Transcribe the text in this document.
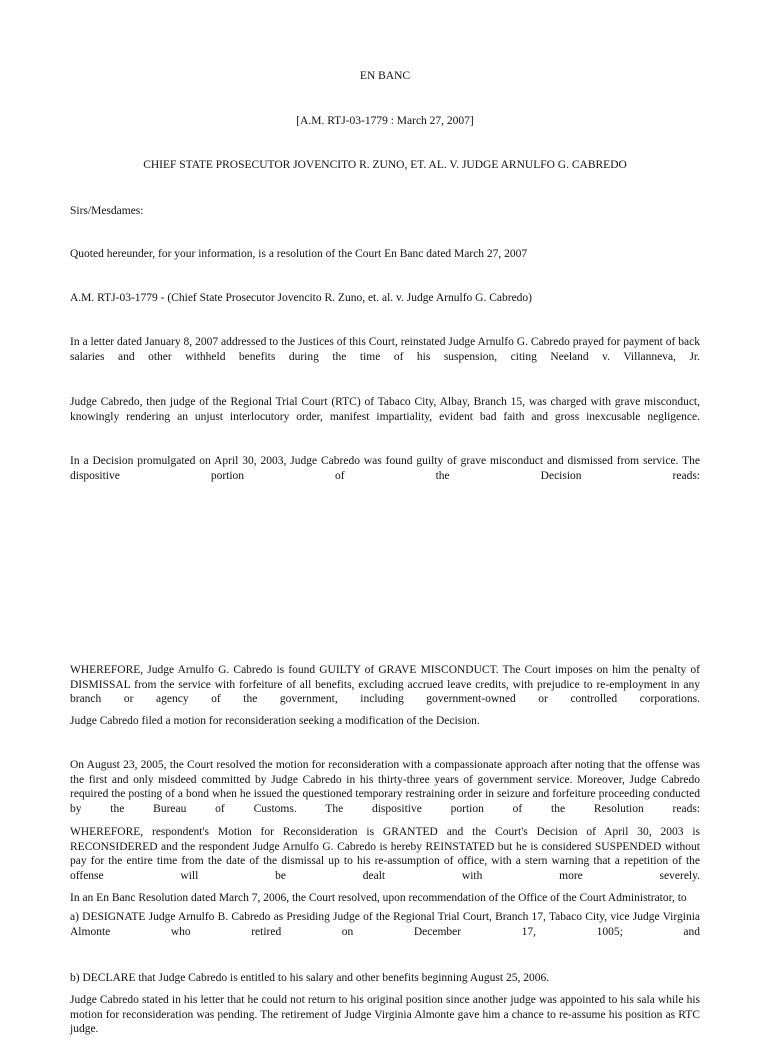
EN BANC
[A.M. RTJ-03-1779 : March 27, 2007]
CHIEF STATE PROSECUTOR JOVENCITO R. ZUNO, ET. AL. V. JUDGE ARNULFO G. CABREDO
Sirs/Mesdames:
Quoted hereunder, for your information, is a resolution of the Court En Banc dated March 27, 2007
A.M. RTJ-03-1779 - (Chief State Prosecutor Jovencito R. Zuno, et. al. v. Judge Arnulfo G. Cabredo)
In a letter dated January 8, 2007 addressed to the Justices of this Court, reinstated Judge Arnulfo G. Cabredo prayed for payment of back salaries and other withheld benefits during the time of his suspension, citing Neeland v. Villanneva, Jr.
Judge Cabredo, then judge of the Regional Trial Court (RTC) of Tabaco City, Albay, Branch 15, was charged with grave misconduct, knowingly rendering an unjust interlocutory order, manifest impartiality, evident bad faith and gross inexcusable negligence.
In a Decision promulgated on April 30, 2003, Judge Cabredo was found guilty of grave misconduct and dismissed from service. The dispositive portion of the Decision reads:
WHEREFORE, Judge Arnulfo G. Cabredo is found GUILTY of GRAVE MISCONDUCT. The Court imposes on him the penalty of DISMISSAL from the service with forfeiture of all benefits, excluding accrued leave credits, with prejudice to re-employment in any branch or agency of the government, including government-owned or controlled corporations.
Judge Cabredo filed a motion for reconsideration seeking a modification of the Decision.
On August 23, 2005, the Court resolved the motion for reconsideration with a compassionate approach after noting that the offense was the first and only misdeed committed by Judge Cabredo in his thirty-three years of government service. Moreover, Judge Cabredo required the posting of a bond when he issued the questioned temporary restraining order in seizure and forfeiture proceeding conducted by the Bureau of Customs. The dispositive portion of the Resolution reads:
WHEREFORE, respondent's Motion for Reconsideration is GRANTED and the Court's Decision of April 30, 2003 is RECONSIDERED and the respondent Judge Arnulfo G. Cabredo is hereby REINSTATED but he is considered SUSPENDED without pay for the entire time from the date of the dismissal up to his re-assumption of office, with a stern warning that a repetition of the offense will be dealt with more severely.
In an En Banc Resolution dated March 7, 2006, the Court resolved, upon recommendation of the Office of the Court Administrator, to
a) DESIGNATE Judge Arnulfo B. Cabredo as Presiding Judge of the Regional Trial Court, Branch 17, Tabaco City, vice Judge Virginia Almonte who retired on December 17, 1005; and
b) DECLARE that Judge Cabredo is entitled to his salary and other benefits beginning August 25, 2006.
Judge Cabredo stated in his letter that he could not return to his original position since another judge was appointed to his sala while his motion for reconsideration was pending. The retirement of Judge Virginia Almonte gave him a chance to re-assume his position as RTC judge.
